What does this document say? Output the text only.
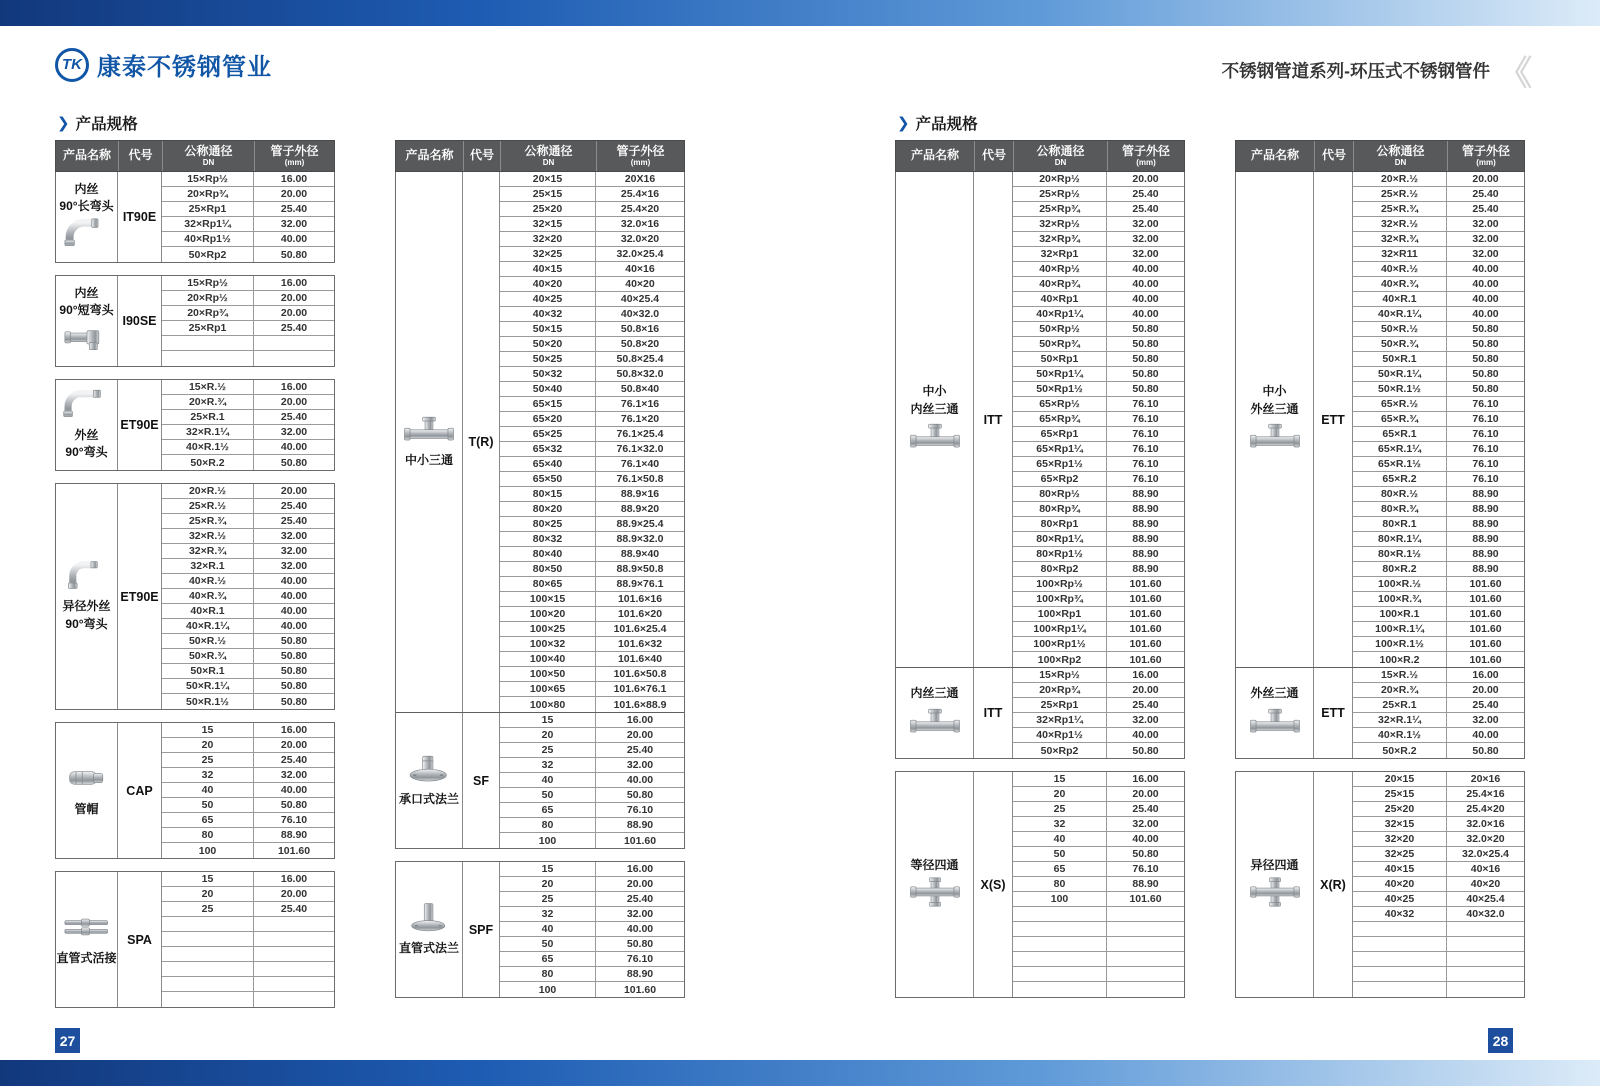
TK 康泰不锈钢管业	不锈钢管道系列-环压式不锈钢管件 《
❯ 产品规格	❯ 产品规格
产品名称 代号	公称通径
DN
管子外径
(mm)
内丝
90°长弯头
IT90E
15×Rp½	16.00
20×Rp¾	20.00
25×Rp1	25.40
32×Rp1¼	32.00
40×Rp1½	40.00
50×Rp2	50.80
内丝
90°短弯头
I90SE
15×Rp½	16.00
20×Rp½	20.00
20×Rp¾	20.00
25×Rp1	25.40
外丝
90°弯头
ET90E
15×R.½	16.00
20×R.¾	20.00
25×R.1	25.40
32×R.1¼	32.00
40×R.1½	40.00
50×R.2	50.80
异径外丝
90°弯头
ET90E
20×R.½	20.00
25×R.½	25.40
25×R.¾	25.40
32×R.½	32.00
32×R.¾	32.00
32×R.1	32.00
40×R.½	40.00
40×R.¾	40.00
40×R.1	40.00
40×R.1¼	40.00
50×R.½	50.80
50×R.¾	50.80
50×R.1	50.80
50×R.1¼	50.80
50×R.1½	50.80
管帽
CAP
15	16.00
20	20.00
25	25.40
32	32.00
40	40.00
50	50.80
65	76.10
80	88.90
100	101.60
直管式活接
SPA
15	16.00
20	20.00
25	25.40
产品名称 代号	公称通径
DN
管子外径
(mm)
中小三通
T(R)
20×15	20X16
25×15	25.4×16
25×20	25.4×20
32×15	32.0×16
32×20	32.0×20
32×25	32.0×25.4
40×15	40×16
40×20	40×20
40×25	40×25.4
40×32	40×32.0
50×15	50.8×16
50×20	50.8×20
50×25	50.8×25.4
50×32	50.8×32.0
50×40	50.8×40
65×15	76.1×16
65×20	76.1×20
65×25	76.1×25.4
65×32	76.1×32.0
65×40	76.1×40
65×50	76.1×50.8
80×15	88.9×16
80×20	88.9×20
80×25	88.9×25.4
80×32	88.9×32.0
80×40	88.9×40
80×50	88.9×50.8
80×65	88.9×76.1
100×15	101.6×16
100×20	101.6×20
100×25	101.6×25.4
100×32	101.6×32
100×40	101.6×40
100×50	101.6×50.8
100×65	101.6×76.1
100×80	101.6×88.9
承口式法兰
SF
15	16.00
20	20.00
25	25.40
32	32.00
40	40.00
50	50.80
65	76.10
80	88.90
100	101.60
直管式法兰
SPF
15	16.00
20	20.00
25	25.40
32	32.00
40	40.00
50	50.80
65	76.10
80	88.90
100	101.60
产品名称 代号	公称通径
DN
管子外径
(mm)
中小
内丝三通
ITT
20×Rp½	20.00
25×Rp½	25.40
25×Rp¾	25.40
32×Rp½	32.00
32×Rp¾	32.00
32×Rp1	32.00
40×Rp½	40.00
40×Rp¾	40.00
40×Rp1	40.00
40×Rp1¼	40.00
50×Rp½	50.80
50×Rp¾	50.80
50×Rp1	50.80
50×Rp1¼	50.80
50×Rp1½	50.80
65×Rp½	76.10
65×Rp¾	76.10
65×Rp1	76.10
65×Rp1¼	76.10
65×Rp1½	76.10
65×Rp2	76.10
80×Rp½	88.90
80×Rp¾	88.90
80×Rp1	88.90
80×Rp1¼	88.90
80×Rp1½	88.90
80×Rp2	88.90
100×Rp½	101.60
100×Rp¾	101.60
100×Rp1	101.60
100×Rp1¼	101.60
100×Rp1½	101.60
100×Rp2	101.60
内丝三通
ITT
15×Rp½	16.00
20×Rp¾	20.00
25×Rp1	25.40
32×Rp1¼	32.00
40×Rp1½	40.00
50×Rp2	50.80
等径四通
X(S)
15	16.00
20	20.00
25	25.40
32	32.00
40	40.00
50	50.80
65	76.10
80	88.90
100	101.60
产品名称 代号	公称通径
DN
管子外径
(mm)
中小
外丝三通
ETT
20×R.½	20.00
25×R.½	25.40
25×R.¾	25.40
32×R.½	32.00
32×R.¾	32.00
32×R11	32.00
40×R.½	40.00
40×R.¾	40.00
40×R.1	40.00
40×R.1¼	40.00
50×R.½	50.80
50×R.¾	50.80
50×R.1	50.80
50×R.1¼	50.80
50×R.1½	50.80
65×R.½	76.10
65×R.¾	76.10
65×R.1	76.10
65×R.1¼	76.10
65×R.1½	76.10
65×R.2	76.10
80×R.½	88.90
80×R.¾	88.90
80×R.1	88.90
80×R.1¼	88.90
80×R.1½	88.90
80×R.2	88.90
100×R.½	101.60
100×R.¾	101.60
100×R.1	101.60
100×R.1¼	101.60
100×R.1½	101.60
100×R.2	101.60
外丝三通
ETT
15×R.½	16.00
20×R.¾	20.00
25×R.1	25.40
32×R.1¼	32.00
40×R.1½	40.00
50×R.2	50.80
异径四通
X(R)
20×15	20×16
25×15	25.4×16
25×20	25.4×20
32×15	32.0×16
32×20	32.0×20
32×25	32.0×25.4
40×15	40×16
40×20	40×20
40×25	40×25.4
40×32	40×32.0
27	28
